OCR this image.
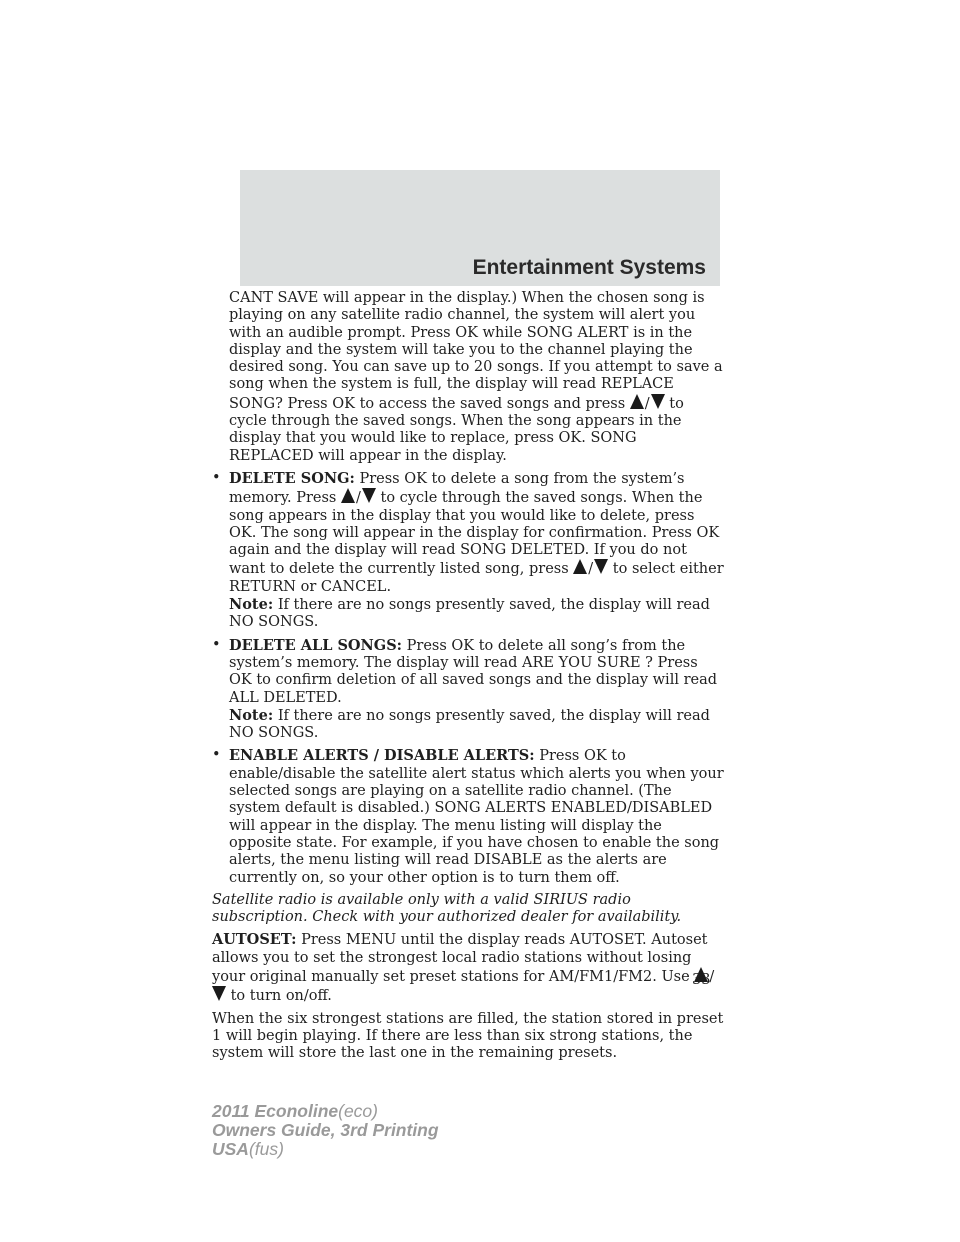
Entertainment Systems

CANT SAVE will appear in the display.) When the chosen song is playing on any satellite radio channel, the system will alert you with an audible prompt. Press OK while SONG ALERT is in the display and the system will take you to the channel playing the desired song. You can save up to 20 songs. If you attempt to save a song when the system is full, the display will read REPLACE SONG? Press OK to access the saved songs and press / to cycle through the saved songs. When the song appears in the display that you would like to replace, press OK. SONG REPLACED will appear in the display.

• DELETE SONG: Press OK to delete a song from the system’s memory. Press / to cycle through the saved songs. When the song appears in the display that you would like to delete, press OK. The song will appear in the display for confirmation. Press OK again and the display will read SONG DELETED. If you do not want to delete the currently listed song, press / to select either RETURN or CANCEL.

Note: If there are no songs presently saved, the display will read NO SONGS.

• DELETE ALL SONGS: Press OK to delete all song’s from the system’s memory. The display will read ARE YOU SURE ? Press OK to confirm deletion of all saved songs and the display will read ALL DELETED.

Note: If there are no songs presently saved, the display will read NO SONGS.

• ENABLE ALERTS / DISABLE ALERTS: Press OK to enable/disable the satellite alert status which alerts you when your selected songs are playing on a satellite radio channel. (The system default is disabled.) SONG ALERTS ENABLED/DISABLED will appear in the display. The menu listing will display the opposite state. For example, if you have chosen to enable the song alerts, the menu listing will read DISABLE as the alerts are currently on, so your other option is to turn them off.

Satellite radio is available only with a valid SIRIUS radio subscription. Check with your authorized dealer for availability.

AUTOSET: Press MENU until the display reads AUTOSET. Autoset allows you to set the strongest local radio stations without losing your original manually set preset stations for AM/FM1/FM2. Use / to turn on/off.

When the six strongest stations are filled, the station stored in preset 1 will begin playing. If there are less than six strong stations, the system will store the last one in the remaining presets.

33
2011 Econoline(eco)
Owners Guide, 3rd Printing
USA(fus)
